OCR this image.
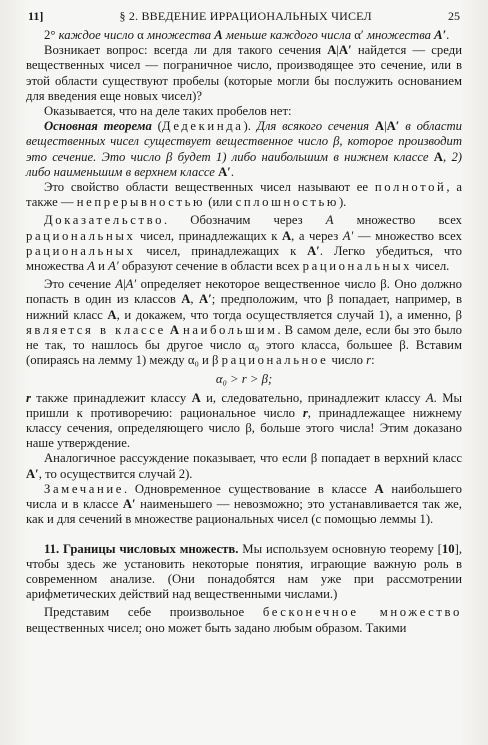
11]	§ 2. ВВЕДЕНИЕ ИРРАЦИОНАЛЬНЫХ ЧИСЕЛ	25

2° каждое число α множества A меньше каждого числа α′ множества A′.

Возникает вопрос: всегда ли для такого сечения A|A′ найдется — среди вещественных чисел — пограничное число, производящее это сечение, или в этой области существуют пробелы (которые могли бы послужить основанием для введения еще новых чисел)?

Оказывается, что на деле таких пробелов нет:

Основная теорема (Дедекинда). Для всякого сечения A|A′ в области вещественных чисел существует вещественное число β, которое производит это сечение. Это число β будет 1) либо наибольшим в нижнем классе A, 2) либо наименьшим в верхнем классе A′.

Это свойство области вещественных чисел называют ее полнотой, а также — непрерывностью (или сплошностью).

Доказательство. Обозначим через A множество всех рациональных чисел, принадлежащих к A, а через A′ — множество всех рациональных чисел, принадлежащих к A′. Легко убедиться, что множества A и A′ образуют сечение в области всех рациональных чисел.

Это сечение A|A′ определяет некоторое вещественное число β. Оно должно попасть в один из классов A, A′; предположим, что β попадает, например, в нижний класс A, и докажем, что тогда осуществляется случай 1), а именно, β является в классе A наибольшим. В самом деле, если бы это было не так, то нашлось бы другое число α₀ этого класса, большее β. Вставим (опираясь на лемму 1) между α₀ и β рациональное число r:

α₀ > r > β;

r также принадлежит классу A и, следовательно, принадлежит классу A. Мы пришли к противоречию: рациональное число r, принадлежащее нижнему классу сечения, определяющего число β, больше этого числа! Этим доказано наше утверждение.

Аналогичное рассуждение показывает, что если β попадает в верхний класс A′, то осуществится случай 2).

Замечание. Одновременное существование в классе A наибольшего числа и в классе A′ наименьшего — невозможно; это устанавливается так же, как и для сечений в множестве рациональных чисел (с помощью леммы 1).

11. Границы числовых множеств. Мы используем основную теорему [10], чтобы здесь же установить некоторые понятия, играющие важную роль в современном анализе. (Они понадобятся нам уже при рассмотрении арифметических действий над вещественными числами.)

Представим себе произвольное бесконечное множество вещественных чисел; оно может быть задано любым образом. Такими
